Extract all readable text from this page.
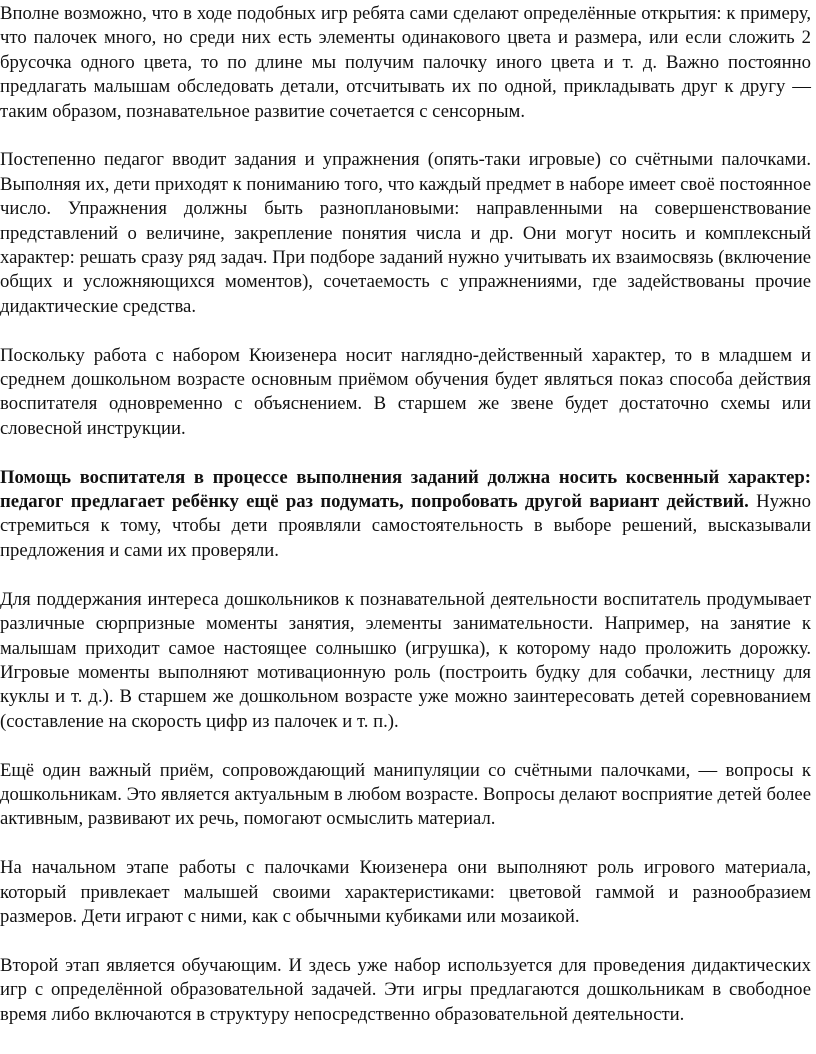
Вполне возможно, что в ходе подобных игр ребята сами сделают определённые открытия: к примеру, что палочек много, но среди них есть элементы одинакового цвета и размера, или если сложить 2 брусочка одного цвета, то по длине мы получим палочку иного цвета и т. д. Важно постоянно предлагать малышам обследовать детали, отсчитывать их по одной, прикладывать друг к другу — таким образом, познавательное развитие сочетается с сенсорным.

Постепенно педагог вводит задания и упражнения (опять-таки игровые) со счётными палочками. Выполняя их, дети приходят к пониманию того, что каждый предмет в наборе имеет своё постоянное число. Упражнения должны быть разноплановыми: направленными на совершенствование представлений о величине, закрепление понятия числа и др. Они могут носить и комплексный характер: решать сразу ряд задач. При подборе заданий нужно учитывать их взаимосвязь (включение общих и усложняющихся моментов), сочетаемость с упражнениями, где задействованы прочие дидактические средства.

Поскольку работа с набором Кюизенера носит наглядно-действенный характер, то в младшем и среднем дошкольном возрасте основным приёмом обучения будет являться показ способа действия воспитателя одновременно с объяснением. В старшем же звене будет достаточно схемы или словесной инструкции.

Помощь воспитателя в процессе выполнения заданий должна носить косвенный характер: педагог предлагает ребёнку ещё раз подумать, попробовать другой вариант действий. Нужно стремиться к тому, чтобы дети проявляли самостоятельность в выборе решений, высказывали предложения и сами их проверяли.

Для поддержания интереса дошкольников к познавательной деятельности воспитатель продумывает различные сюрпризные моменты занятия, элементы занимательности. Например, на занятие к малышам приходит самое настоящее солнышко (игрушка), к которому надо проложить дорожку. Игровые моменты выполняют мотивационную роль (построить будку для собачки, лестницу для куклы и т. д.). В старшем же дошкольном возрасте уже можно заинтересовать детей соревнованием (составление на скорость цифр из палочек и т. п.).

Ещё один важный приём, сопровождающий манипуляции со счётными палочками, — вопросы к дошкольникам. Это является актуальным в любом возрасте. Вопросы делают восприятие детей более активным, развивают их речь, помогают осмыслить материал.

На начальном этапе работы с палочками Кюизенера они выполняют роль игрового материала, который привлекает малышей своими характеристиками: цветовой гаммой и разнообразием размеров. Дети играют с ними, как с обычными кубиками или мозаикой.

Второй этап является обучающим. И здесь уже набор используется для проведения дидактических игр с определённой образовательной задачей. Эти игры предлагаются дошкольникам в свободное время либо включаются в структуру непосредственно образовательной деятельности.
